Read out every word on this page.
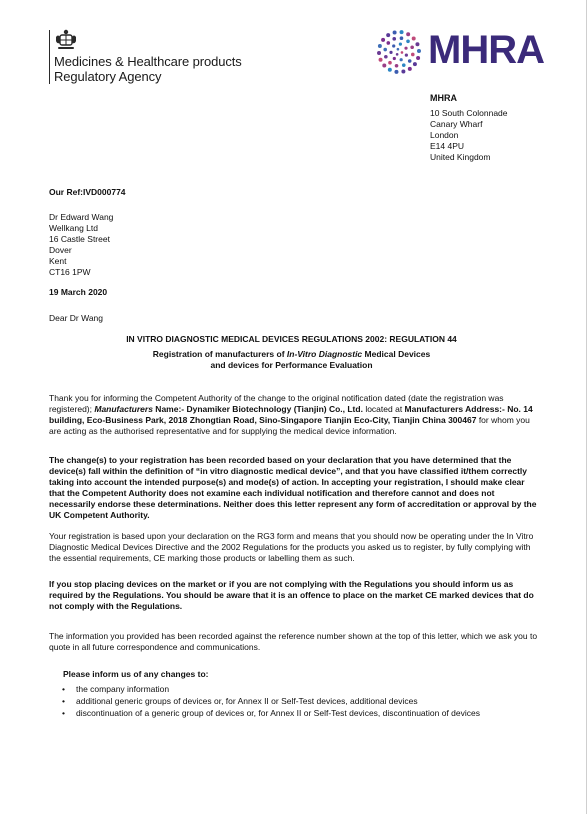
Medicines & Healthcare products
Regulatory Agency
MHRA
MHRA
10 South Colonnade
Canary Wharf
London
E14 4PU
United Kingdom
Our Ref:IVD000774
Dr Edward Wang
Wellkang Ltd
16 Castle Street
Dover
Kent
CT16 1PW
19 March 2020
Dear Dr Wang
IN VITRO DIAGNOSTIC MEDICAL DEVICES REGULATIONS 2002: REGULATION 44
Registration of manufacturers of In-Vitro Diagnostic Medical Devices
and devices for Performance Evaluation
Thank you for informing the Competent Authority of the change to the original notification dated (date the registration was registered); Manufacturers Name:- Dynamiker Biotechnology (Tianjin) Co., Ltd. located at Manufacturers Address:- No. 14 building, Eco-Business Park, 2018 Zhongtian Road, Sino-Singapore Tianjin Eco-City, Tianjin China 300467 for whom you are acting as the authorised representative and for supplying the medical device information.
The change(s) to your registration has been recorded based on your declaration that you have determined that the device(s) fall within the definition of “in vitro diagnostic medical device”, and that you have classified it/them correctly taking into account the intended purpose(s) and mode(s) of action. In accepting your registration, I should make clear that the Competent Authority does not examine each individual notification and therefore cannot and does not necessarily endorse these determinations. Neither does this letter represent any form of accreditation or approval by the UK Competent Authority.
Your registration is based upon your declaration on the RG3 form and means that you should now be operating under the In Vitro Diagnostic Medical Devices Directive and the 2002 Regulations for the products you asked us to register, by fully complying with the essential requirements, CE marking those products or labelling them as such.
If you stop placing devices on the market or if you are not complying with the Regulations you should inform us as required by the Regulations. You should be aware that it is an offence to place on the market CE marked devices that do not comply with the Regulations.
The information you provided has been recorded against the reference number shown at the top of this letter, which we ask you to quote in all future correspondence and communications.
Please inform us of any changes to:
• the company information
• additional generic groups of devices or, for Annex II or Self-Test devices, additional devices
• discontinuation of a generic group of devices or, for Annex II or Self-Test devices, discontinuation of devices
